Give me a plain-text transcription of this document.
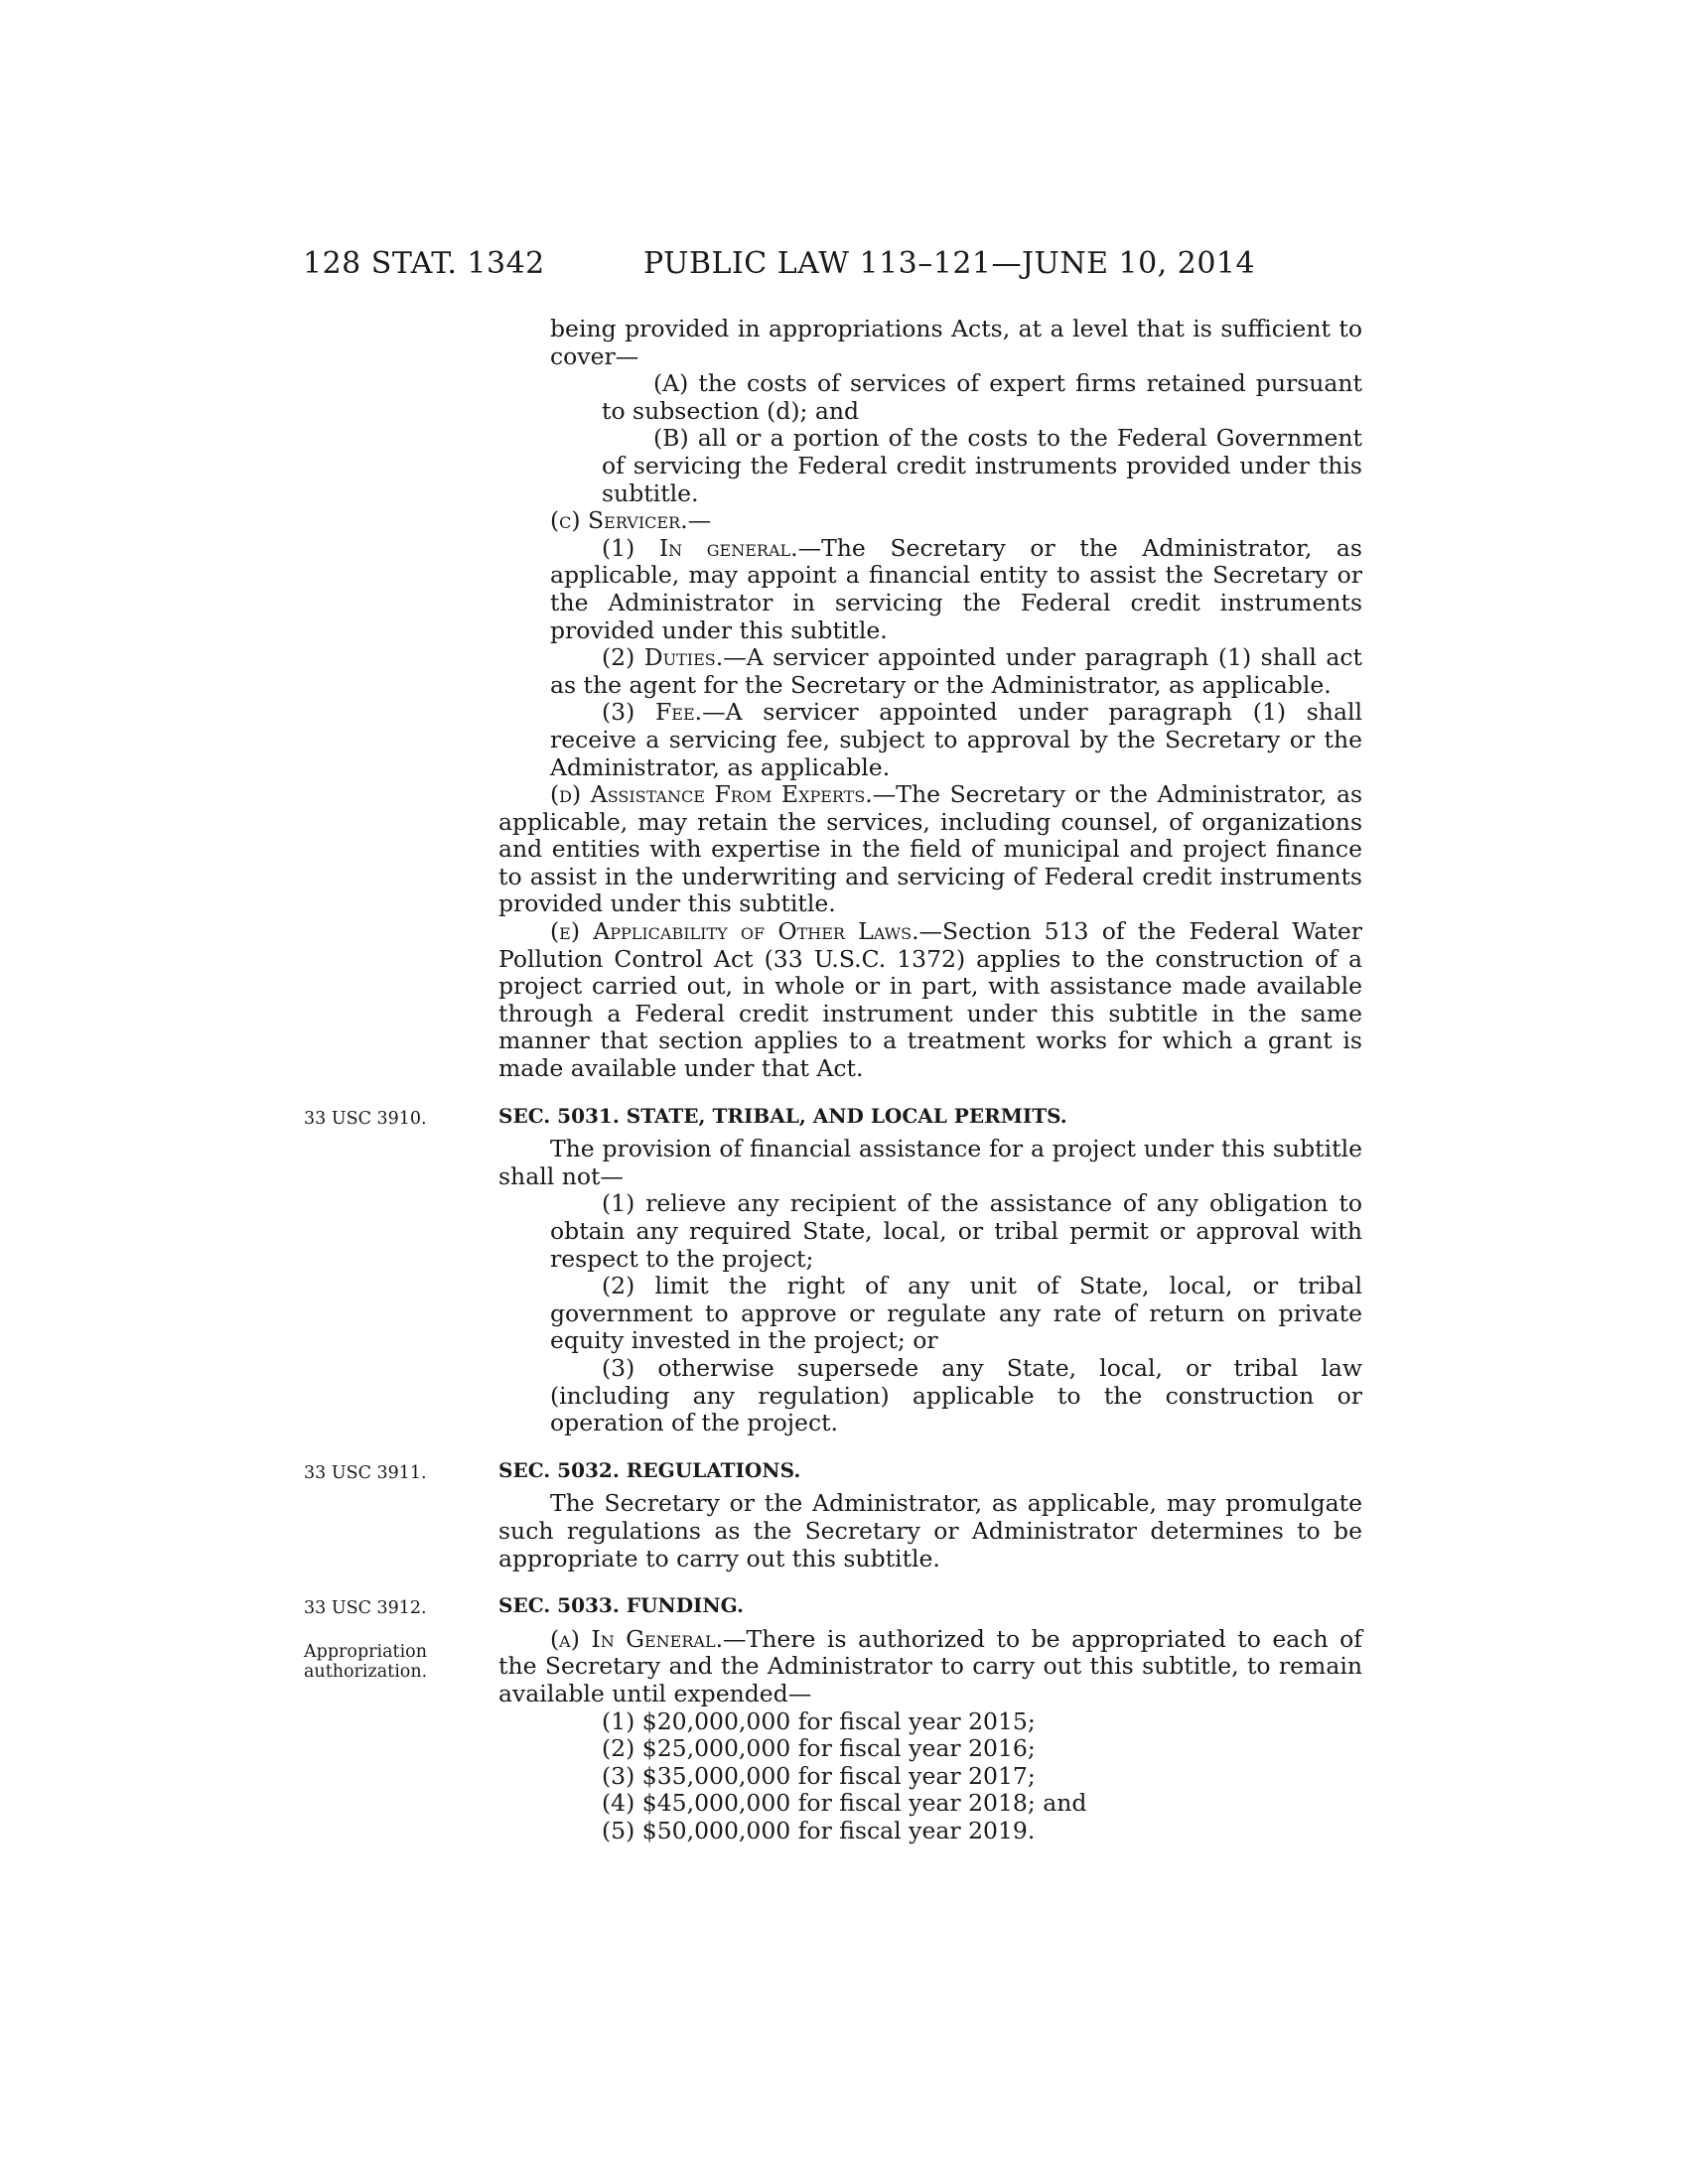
128 STAT. 1342	PUBLIC LAW 113–121—JUNE 10, 2014

being provided in appropriations Acts, at a level that is sufficient to cover—

(A) the costs of services of expert firms retained pursuant to subsection (d); and

(B) all or a portion of the costs to the Federal Government of servicing the Federal credit instruments provided under this subtitle.

(c) Servicer.—

(1) In general.—The Secretary or the Administrator, as applicable, may appoint a financial entity to assist the Secretary or the Administrator in servicing the Federal credit instruments provided under this subtitle.

(2) Duties.—A servicer appointed under paragraph (1) shall act as the agent for the Secretary or the Administrator, as applicable.

(3) Fee.—A servicer appointed under paragraph (1) shall receive a servicing fee, subject to approval by the Secretary or the Administrator, as applicable.

(d) Assistance From Experts.—The Secretary or the Administrator, as applicable, may retain the services, including counsel, of organizations and entities with expertise in the field of municipal and project finance to assist in the underwriting and servicing of Federal credit instruments provided under this subtitle.

(e) Applicability of Other Laws.—Section 513 of the Federal Water Pollution Control Act (33 U.S.C. 1372) applies to the construction of a project carried out, in whole or in part, with assistance made available through a Federal credit instrument under this subtitle in the same manner that section applies to a treatment works for which a grant is made available under that Act.

33 USC 3910.	SEC. 5031. STATE, TRIBAL, AND LOCAL PERMITS.

The provision of financial assistance for a project under this subtitle shall not—

(1) relieve any recipient of the assistance of any obligation to obtain any required State, local, or tribal permit or approval with respect to the project;

(2) limit the right of any unit of State, local, or tribal government to approve or regulate any rate of return on private equity invested in the project; or

(3) otherwise supersede any State, local, or tribal law (including any regulation) applicable to the construction or operation of the project.

33 USC 3911.	SEC. 5032. REGULATIONS.

The Secretary or the Administrator, as applicable, may promulgate such regulations as the Secretary or Administrator determines to be appropriate to carry out this subtitle.

33 USC 3912.
Appropriation authorization.

SEC. 5033. FUNDING.

(a) In General.—There is authorized to be appropriated to each of the Secretary and the Administrator to carry out this subtitle, to remain available until expended—

(1) $20,000,000 for fiscal year 2015;

(2) $25,000,000 for fiscal year 2016;

(3) $35,000,000 for fiscal year 2017;

(4) $45,000,000 for fiscal year 2018; and

(5) $50,000,000 for fiscal year 2019.
